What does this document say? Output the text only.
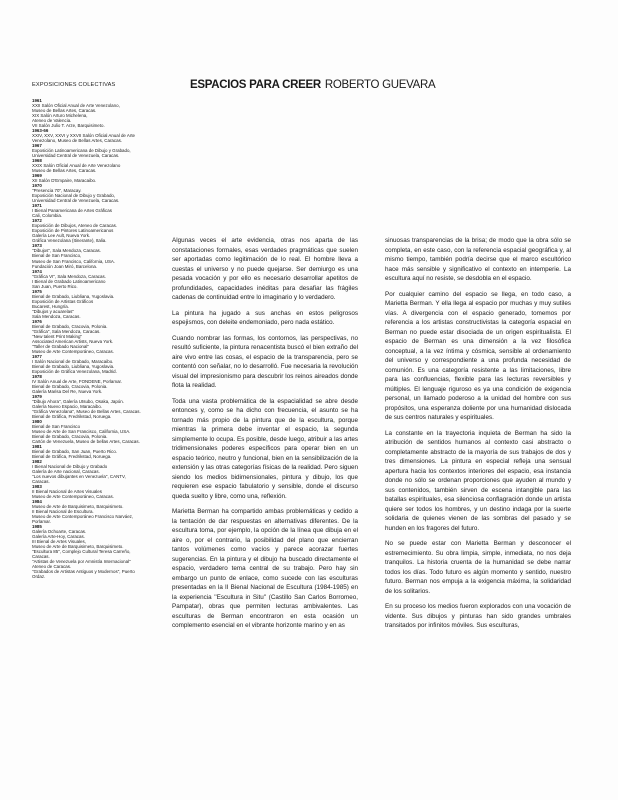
EXPOSICIONES COLECTIVAS
1961
XXII Salón Oficial Anual de Arte Venezolano,
Museo de Bellas Artes, Caracas.
XIX Salón Arturo Michelena,
Ateneo de Valencia.
VII Salón Julio T. Arze, Barquisimeto.
1963-66
XXIV, XXV, XXVI y XXVII Salón Oficial Anual de Arte
Venezolano, Museo de Bellas Artes, Caracas.
1967
Exposición Latinoamericana de Dibujo y Grabado,
Universidad Central de Venezuela, Caracas.
1968
XXIX Salón Oficial Anual de Arte Venezolano
Museo de Bellas Artes, Caracas.
1969
XII Salón D'Empaire, Maracaibo.
1970
"Presencia 70", Maracay.
Exposición Nacional de Dibujo y Grabado,
Universidad Central de Venezuela, Caracas.
1971
I Bienal Panamericana de Artes Gráficas
Cali, Colombia.
1972
Exposición de Dibujos, Ateneo de Caracas.
Exposición de Pintores Latinoamericanos
Galería Lee Ault, Nueva York.
Gráfica Venezolana (Itinerante), Italia.
1973
"Dibujos", Sala Mendoza, Caracas.
Bienal de San Francisco,
Museo de San Francisco, California, USA.
Fundación Joan Miró, Barcelona.
1974
"Gráfica VI", Sala Mendoza, Caracas.
I Bienal de Grabado Latinoamericano
San Juan, Puerto Rico.
1975
Bienal de Grabado, Liubliana, Yugoslavia.
Exposición de Artistas Gráficos
Bucarest, Hungría.
"Dibujos y acuarelas"
Sala Mendoza, Caracas.
1976
Bienal de Grabado, Cracovia, Polonia.
"Gráfica", Sala Mendoza, Caracas.
"New talent Print Making"
Associated American Artists, Nueva York.
"Taller de Grabado Nacional"
Museo de Arte Contemporáneo, Caracas.
1977
I Salón Nacional de Grabado, Maracaibo.
Bienal de Grabado, Liubliana, Yugoslavia.
Exposición de Gráfica Venezolana, Madrid.
1978
IV Salón Anual de Arte, FONDENE, Porlamar.
Bienal de Grabado, Cracovia, Polonia.
Galería Marisa Del Re, Nueva York.
1979
"Dibujo Ahora", Galería Utsubo, Osaka, Japón.
Galería Nuevo Espacio, Maracaibo.
"Gráfica Venezolana", Museo de Bellas Artes, Caracas.
Bienal de Gráfica, Fredrikstad, Noruega.
1980
Bienal de San Francisco
Museo de Arte de San Francisco, California, USA.
Bienal de Grabado, Cracovia, Polonia.
Cartón de Venezuela, Museo de bellas Artes, Caracas.
1981
Bienal de Grabado, San Juan, Puerto Rico.
Bienal de Gráfica, Fredrikstad, Noruega.
1982
I Bienal Nacional de Dibujo y Grabado
Galería de Arte nacional, Caracas.
"Los nuevos dibujantes en Venezuela", CANTV,
Caracas.
1983
II Bienal Nacional de Artes Visuales
Museo de Arte Contemporáneo, Caracas.
1984
Museo de Arte de Barquisimeto, Barquisimeto.
II Bienal Nacional de Escultura.
Museo de Arte Contemporáneo Francisco Narváez,
Porlamar.
1985
Galería Ochoarte, Caracas.
Galería Arte-Hoy, Caracas.
III Bienal de Artes Visuales,
Museo de Arte de Barquisimeto, Barquisimeto.
"Escultura 85", Complejo Cultural Teresa Carreño,
Caracas.
"Artistas de Venezuela por Amnistía Internacional"
Ateneo de Caracas.
"Grabados de Artistas Antiguos y Modernos", Puerto
Ordaz.
ESPACIOS PARA CREER ROBERTO GUEVARA

Algunas veces el arte evidencia, otras nos aparta de las constataciones formales, esas verdades pragmáticas que suelen ser aportadas como legitimación de lo real. El hombre lleva a cuestas el universo y no puede quejarse. Ser demiurgo es una pesada vocación y por ello es necesario desarrollar apetitos de profundidades, capacidades inéditas para desafiar las frágiles cadenas de continuidad entre lo imaginario y lo verdadero.

La pintura ha jugado a sus anchas en estos peligrosos espejismos, con deleite endemoniado, pero nada estático.

Cuando nombrar las formas, los contornos, las perspectivas, no resultó suficiente, la pintura renacentista buscó el bien extraño del aire vivo entre las cosas, el espacio de la transparencia, pero se contentó con señalar, no lo desarrolló. Fue necesaria la revolución visual del impresionismo para descubrir los reinos aireados donde flota la realidad.

Toda una vasta problemática de la espacialidad se abre desde entonces y, como se ha dicho con frecuencia, el asunto se ha tornado más propio de la pintura que de la escultura, porque mientras la primera debe inventar el espacio, la segunda simplemente lo ocupa. Es posible, desde luego, atribuir a las artes tridimensionales poderes específicos para operar bien en un espacio teórico, neutro y funcional, bien en la sensibilización de la extensión y las otras categorías físicas de la realidad. Pero siguen siendo los medios bidimensionales, pintura y dibujo, los que requieren ese espacio fabulatorio y sensible, donde el discurso queda suelto y libre, como una, reflexión.

Marietta Berman ha compartido ambas problemáticas y cedido a la tentación de dar respuestas en alternativas diferentes. De la escultura toma, por ejemplo, la opción de la línea que dibuja en el aire o, por el contrario, la posibilidad del plano que encierran tantos volúmenes como vacíos y parece acorazar fuertes sugerencias. En la pintura y el dibujo ha buscado directamente el espacio, verdadero tema central de su trabajo. Pero hay sin embargo un punto de enlace, como sucede con las esculturas presentadas en la II Bienal Nacional de Escultura (1984-1985) en la experiencia ''Escultura in Situ'' (Castillo San Carlos Borromeo, Pampatar), obras que permiten lecturas ambivalentes. Las esculturas de Berman encontraron en esta ocasión un complemento esencial en el vibrante horizonte marino y en as

sinuosas transparencias de la brisa; de modo que la obra sólo se completa, en este caso, con la referencia espacial geográfica y, al mismo tiempo, también podría decirse que el marco escultórico hace más sensible y significativo el contexto en intemperie. La escultura aquí no resiste, se desdobla en el espacio.

Por cualquier camino del espacio se llega, en todo caso, a Marietta Berman. Y ella llega al espacio por muchas y muy sutiles vías. A divergencia con el espacio generado, tomemos por referencia a los artistas constructivistas la categoría espacial en Berman no puede estar disociada de un origen espiritualista. El espacio de Berman es una dimensión a la vez filosófica conceptual, a la vez íntima y cósmica, sensible al ordenamiento del universo y correspondiente a una profunda necesidad de comunión. Es una categoría resistente a las limitaciones, libre para las confluencias, flexible para las lecturas reversibles y múltiples. El lenguaje riguroso es ya una condición de exigencia personal, un llamado poderoso a la unidad del hombre con sus propósitos, una esperanza doliente por una humanidad dislocada de sus centros naturales y espirituales.

La constante en la trayectoria inquieta de Berman ha sido la atribución de sentidos humanos al contexto casi abstracto o completamente abstracto de la mayoría de sus trabajos de dos y tres dimensiones. La pintura en especial refleja una sensual apertura hacia los contextos interiores del espacio, esa instancia donde no sólo se ordenan proporciones que ayuden al mundo y sus contenidos, también sirven de escena intangible para las batallas espirituales, esa silenciosa conflagración donde un artista quiere ser todos los hombres, y un destino indaga por la suerte solidaria de quienes vienen de las sombras del pasado y se hunden en los fragores del futuro.

No se puede estar con Marietta Berman y desconocer el estremecimiento. Su obra limpia, simple, inmediata, no nos deja tranquilos. La historia cruenta de la humanidad se debe narrar todos los días. Todo futuro es algún momento y sentido, nuestro futuro. Berman nos empuja a la exigencia máxima, la solidaridad de los solitarios.

En su proceso los medios fueron explorados con una vocación de vidente. Sus dibujos y pinturas han sido grandes umbrales transitados por infinitos móviles. Sus esculturas,
